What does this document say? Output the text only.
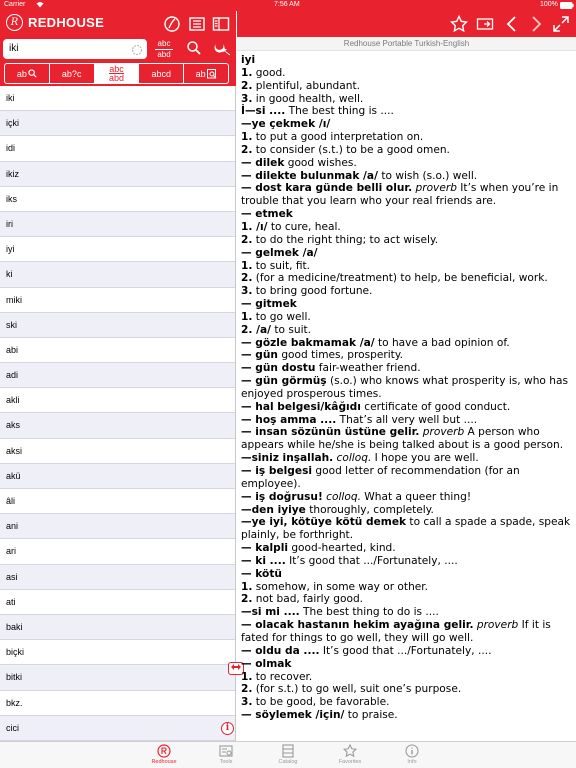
Carrier	7:56 AM	100%
R REDHOUSE
iki	abc
abd
ab	ab?c	abc
abd	abcd	ab
iki
içki
idi
ikiz
iks
iri
iyi
ki
miki
ski
abi
adi
akli
aks
aksi
akü
âli
ani
ari
asi
ati
baki
biçki
bitki
bkz.
cici	i
Redhouse Portable Turkish-English
iyi
1. good.
2. plentiful, abundant.
3. in good health, well.
İ—si .... The best thing is ....
—ye çekmek /ı/
1. to put a good interpretation on.
2. to consider (s.t.) to be a good omen.
— dilek good wishes.
— dilekte bulunmak /a/ to wish (s.o.) well.
— dost kara günde belli olur. proverb It’s when you’re in trouble that you learn who your real friends are.
— etmek
1. /ı/ to cure, heal.
2. to do the right thing; to act wisely.
— gelmek /a/
1. to suit, fit.
2. (for a medicine/treatment) to help, be beneficial, work.
3. to bring good fortune.
— gitmek
1. to go well.
2. /a/ to suit.
— gözle bakmamak /a/ to have a bad opinion of.
— gün good times, prosperity.
— gün dostu fair-weather friend.
— gün görmüş (s.o.) who knows what prosperity is, who has enjoyed prosperous times.
— hal belgesi/kâğıdı certificate of good conduct.
— hoş amma .... That’s all very well but ....
— insan sözünün üstüne gelir. proverb A person who appears while he/she is being talked about is a good person.
—siniz inşallah. colloq. I hope you are well.
— iş belgesi good letter of recommendation (for an employee).
— iş doğrusu! colloq. What a queer thing!
—den iyiye thoroughly, completely.
—ye iyi, kötüye kötü demek to call a spade a spade, speak plainly, be forthright.
— kalpli good-hearted, kind.
— ki .... It’s good that .../Fortunately, ....
— kötü
1. somehow, in some way or other.
2. not bad, fairly good.
—si mi .... The best thing to do is ....
— olacak hastanın hekim ayağına gelir. proverb If it is fated for things to go well, they will go well.
— oldu da .... It’s good that .../Fortunately, ....
— olmak
1. to recover.
2. (for s.t.) to go well, suit one’s purpose.
3. to be good, be favorable.
— söylemek /için/ to praise.
Redhouse	Tools	Catalog	Favorites	Info
